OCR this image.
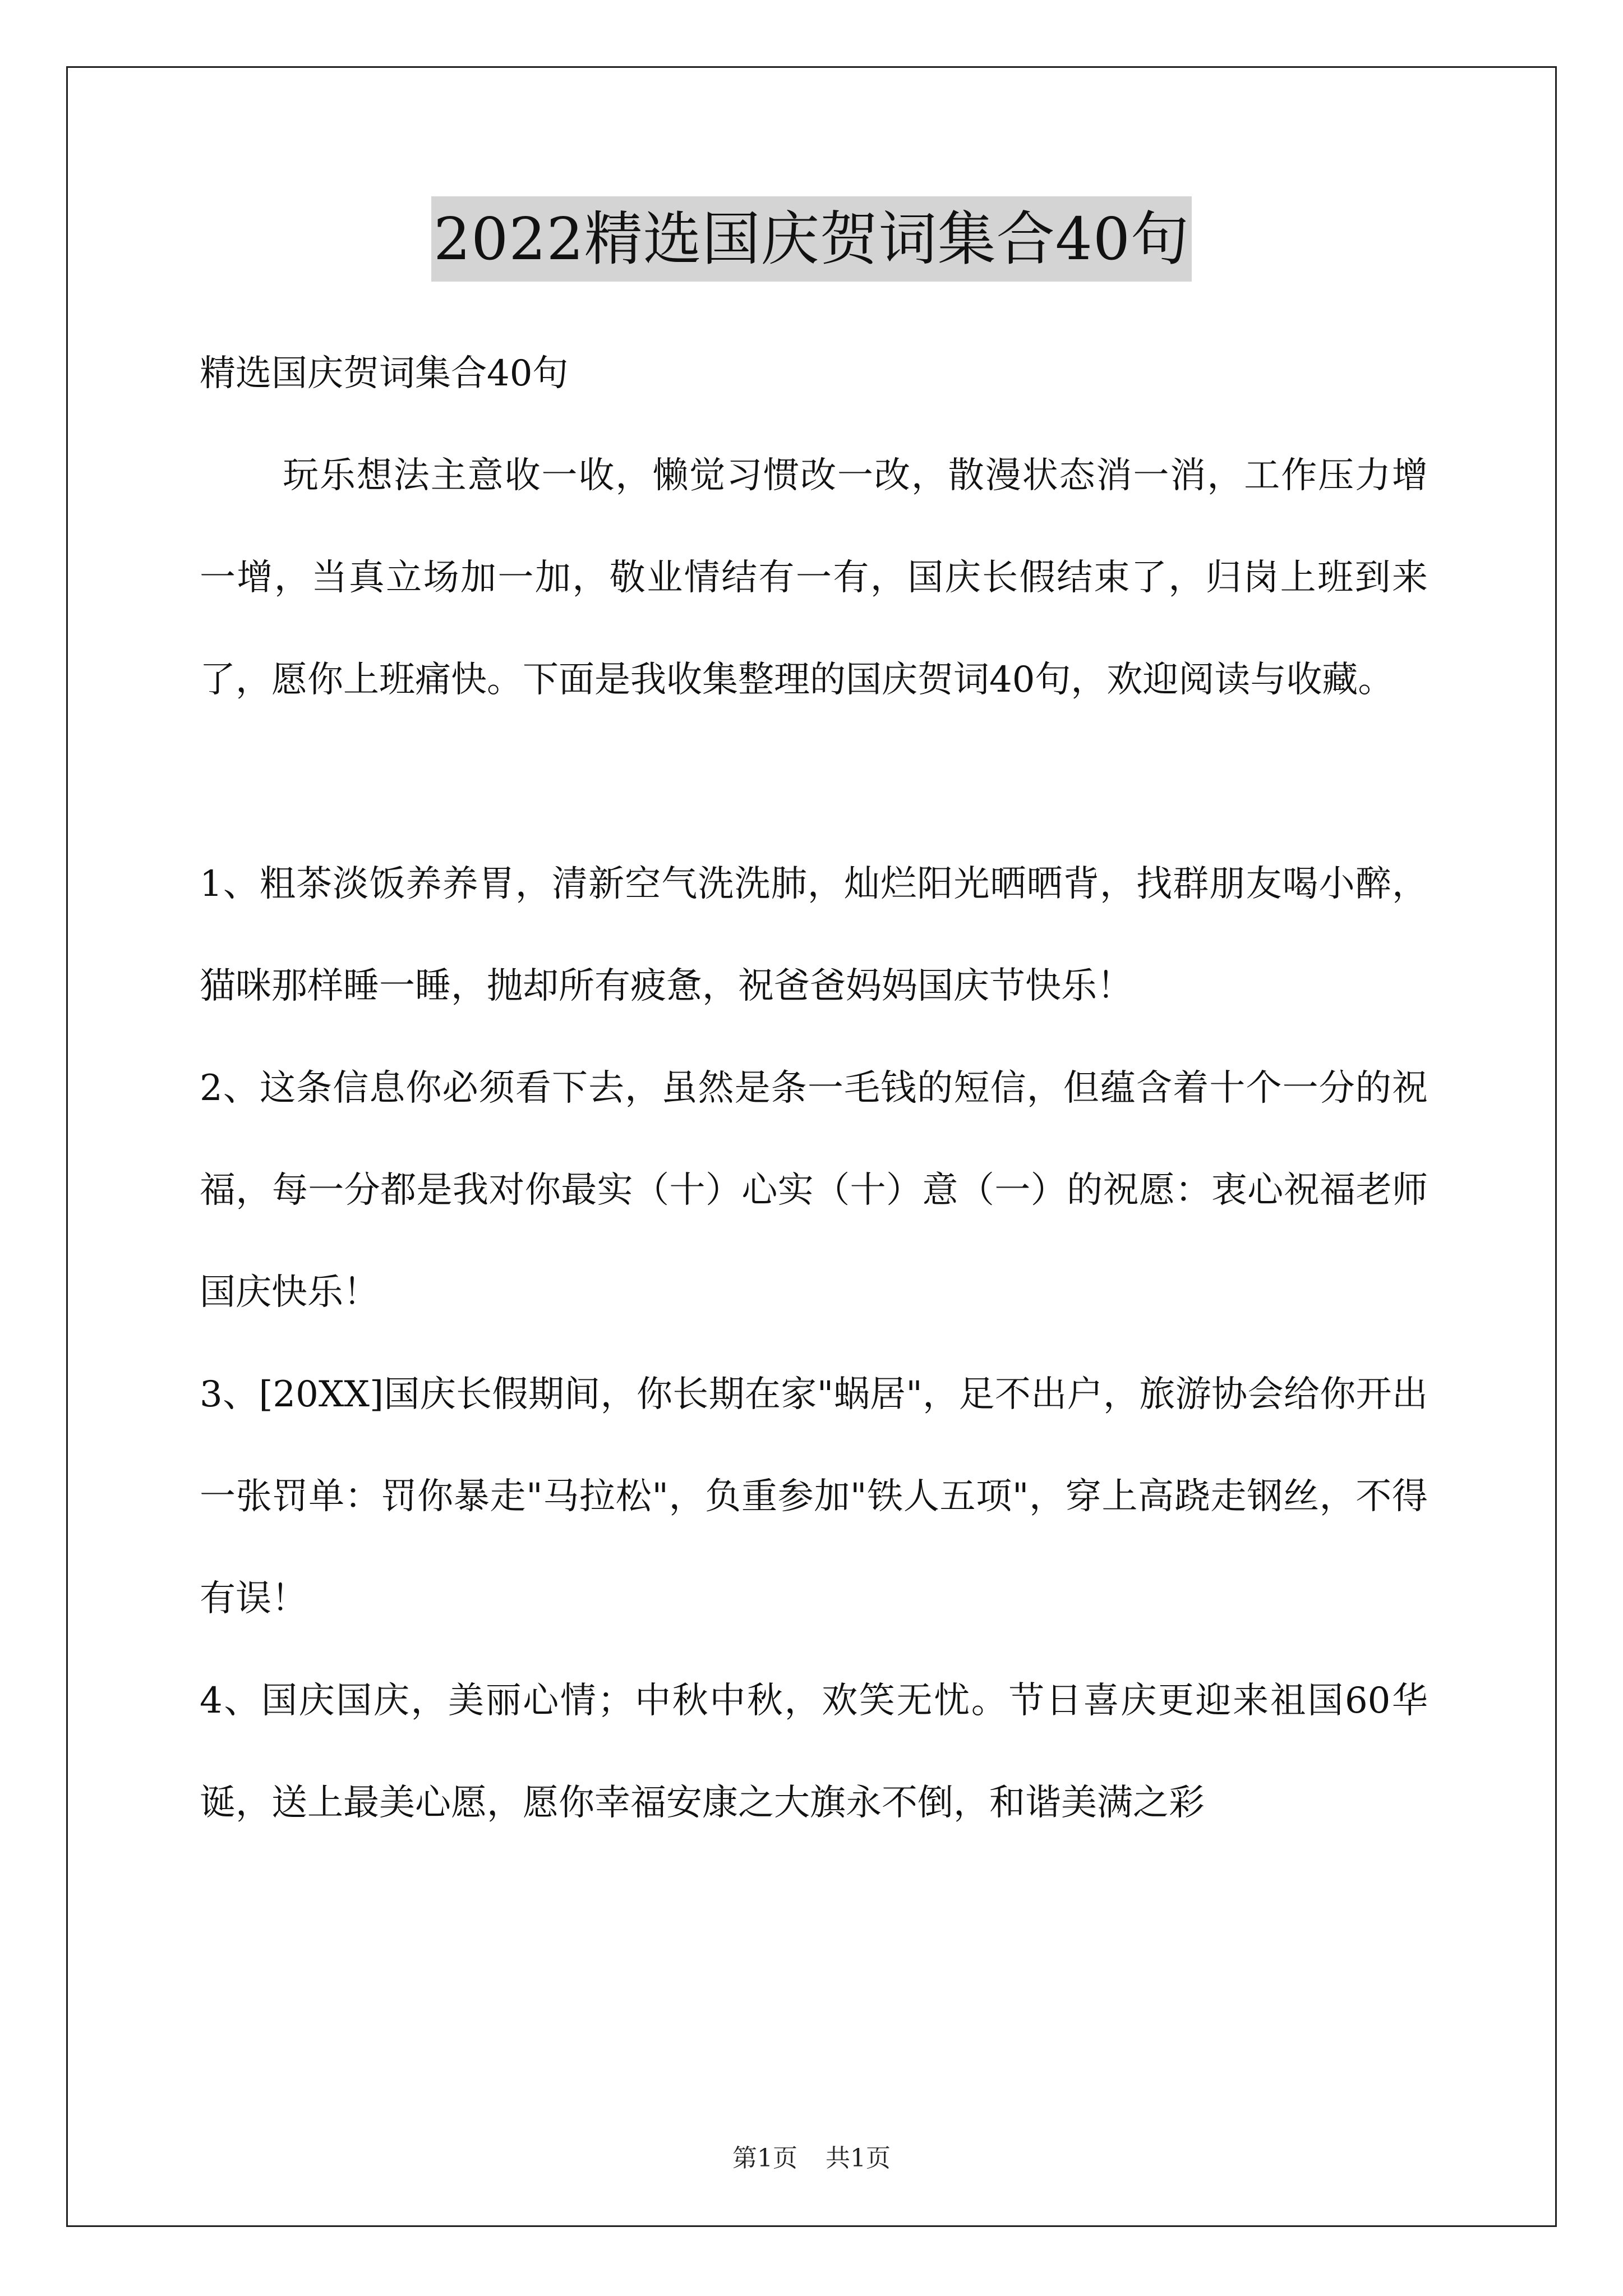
2022精选国庆贺词集合40句

精选国庆贺词集合40句

玩乐想法主意收一收，懒觉习惯改一改，散漫状态消一消，工作压力增一增，当真立场加一加，敬业情结有一有，国庆长假结束了，归岗上班到来了，愿你上班痛快。下面是我收集整理的国庆贺词40句，欢迎阅读与收藏。

1、粗茶淡饭养养胃，清新空气洗洗肺，灿烂阳光晒晒背，找群朋友喝小醉，猫咪那样睡一睡，抛却所有疲惫，祝爸爸妈妈国庆节快乐！

2、这条信息你必须看下去，虽然是条一毛钱的短信，但蕴含着十个一分的祝福，每一分都是我对你最实（十）心实（十）意（一）的祝愿：衷心祝福老师国庆快乐！

3、[20XX]国庆长假期间，你长期在家"蜗居"，足不出户，旅游协会给你开出一张罚单：罚你暴走"马拉松"，负重参加"铁人五项"，穿上高跷走钢丝，不得有误！

4、国庆国庆，美丽心情；中秋中秋，欢笑无忧。节日喜庆更迎来祖国60华诞，送上最美心愿，愿你幸福安康之大旗永不倒，和谐美满之彩

第1页 共1页
